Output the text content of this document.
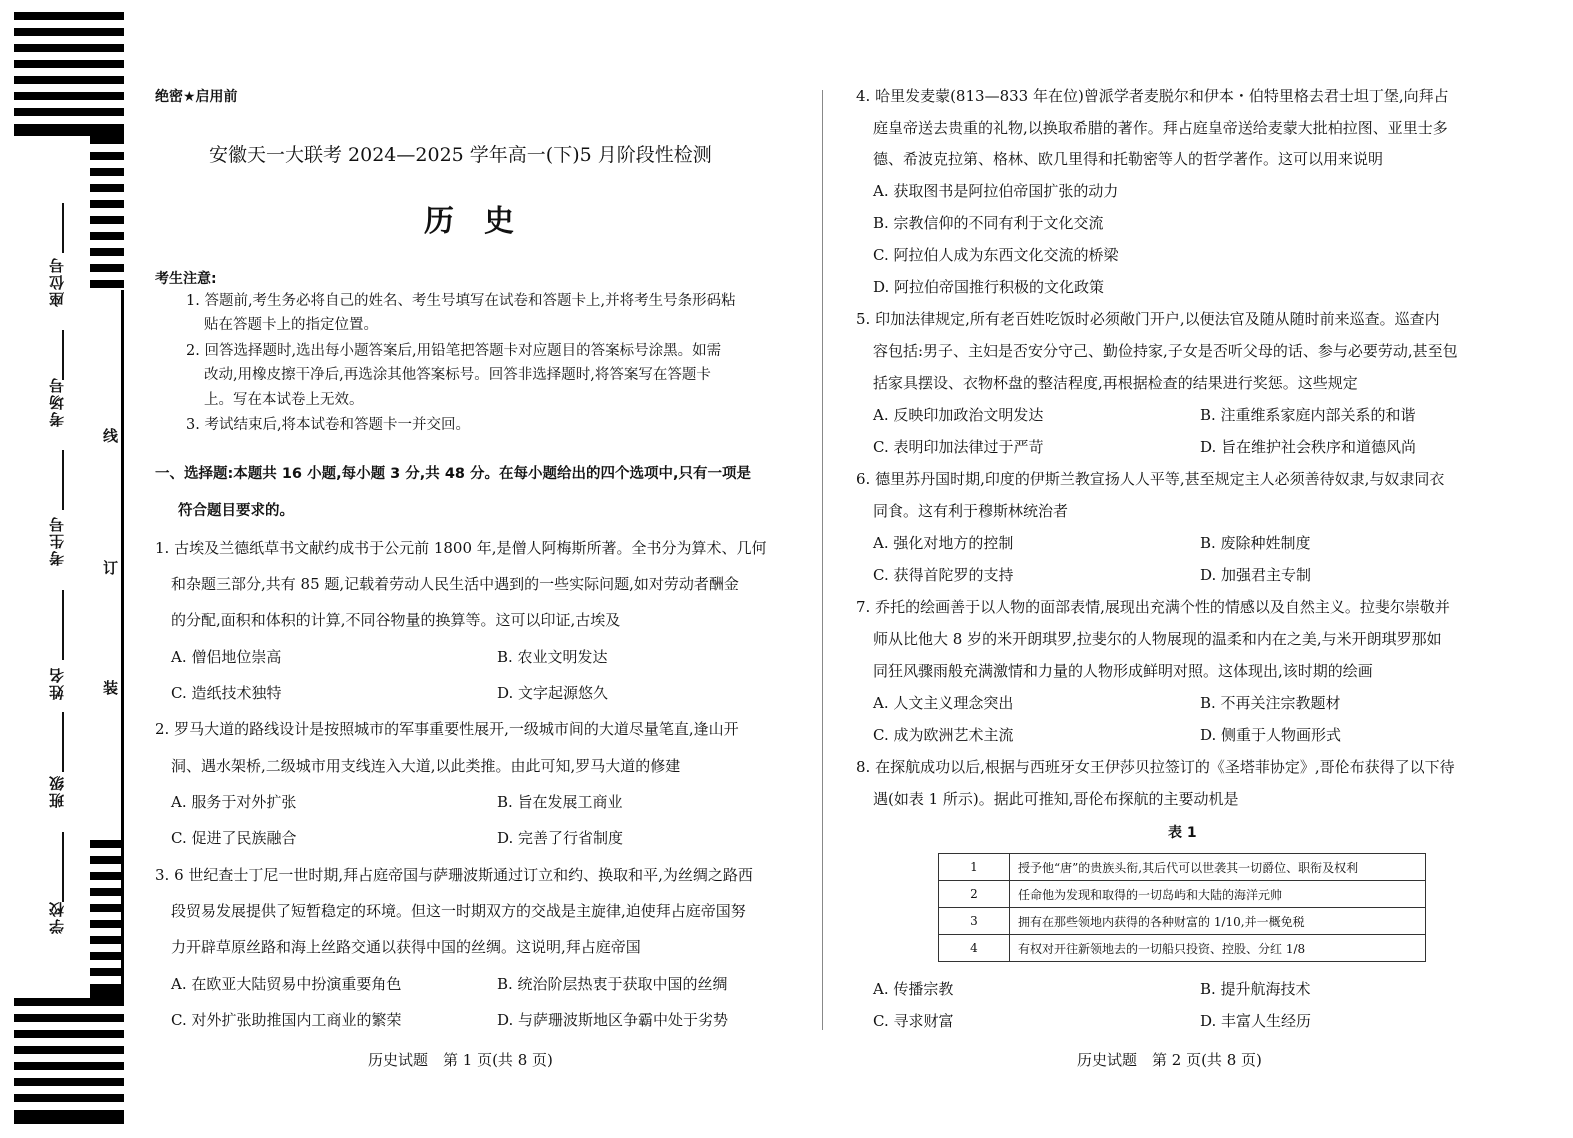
座位号
考场号
考生号
姓名
班级
学校
线
订
装
绝密★启用前
安徽天一大联考 2024—2025 学年高一(下)5 月阶段性检测
历　史
考生注意:
1. 答题前,考生务必将自己的姓名、考生号填写在试卷和答题卡上,并将考生号条形码粘
贴在答题卡上的指定位置。
2. 回答选择题时,选出每小题答案后,用铅笔把答题卡对应题目的答案标号涂黑。如需
改动,用橡皮擦干净后,再选涂其他答案标号。回答非选择题时,将答案写在答题卡
上。写在本试卷上无效。
3. 考试结束后,将本试卷和答题卡一并交回。
一、选择题:本题共 16 小题,每小题 3 分,共 48 分。在每小题给出的四个选项中,只有一项是
符合题目要求的。
1. 古埃及兰德纸草书文献约成书于公元前 1800 年,是僧人阿梅斯所著。全书分为算术、几何
和杂题三部分,共有 85 题,记载着劳动人民生活中遇到的一些实际问题,如对劳动者酬金
的分配,面积和体积的计算,不同谷物量的换算等。这可以印证,古埃及
A. 僧侣地位崇高	B. 农业文明发达
C. 造纸技术独特	D. 文字起源悠久
2. 罗马大道的路线设计是按照城市的军事重要性展开,一级城市间的大道尽量笔直,逢山开
洞、遇水架桥,二级城市用支线连入大道,以此类推。由此可知,罗马大道的修建
A. 服务于对外扩张	B. 旨在发展工商业
C. 促进了民族融合	D. 完善了行省制度
3. 6 世纪查士丁尼一世时期,拜占庭帝国与萨珊波斯通过订立和约、换取和平,为丝绸之路西
段贸易发展提供了短暂稳定的环境。但这一时期双方的交战是主旋律,迫使拜占庭帝国努
力开辟草原丝路和海上丝路交通以获得中国的丝绸。这说明,拜占庭帝国
A. 在欧亚大陆贸易中扮演重要角色	B. 统治阶层热衷于获取中国的丝绸
C. 对外扩张助推国内工商业的繁荣	D. 与萨珊波斯地区争霸中处于劣势
历史试题　第 1 页(共 8 页)
4. 哈里发麦蒙(813—833 年在位)曾派学者麦脱尔和伊本・伯特里格去君士坦丁堡,向拜占
庭皇帝送去贵重的礼物,以换取希腊的著作。拜占庭皇帝送给麦蒙大批柏拉图、亚里士多
德、希波克拉第、格林、欧几里得和托勒密等人的哲学著作。这可以用来说明
A. 获取图书是阿拉伯帝国扩张的动力
B. 宗教信仰的不同有利于文化交流
C. 阿拉伯人成为东西文化交流的桥梁
D. 阿拉伯帝国推行积极的文化政策
5. 印加法律规定,所有老百姓吃饭时必须敞门开户,以便法官及随从随时前来巡查。巡查内
容包括:男子、主妇是否安分守己、勤俭持家,子女是否听父母的话、参与必要劳动,甚至包
括家具摆设、衣物杯盘的整洁程度,再根据检查的结果进行奖惩。这些规定
A. 反映印加政治文明发达	B. 注重维系家庭内部关系的和谐
C. 表明印加法律过于严苛	D. 旨在维护社会秩序和道德风尚
6. 德里苏丹国时期,印度的伊斯兰教宣扬人人平等,甚至规定主人必须善待奴隶,与奴隶同衣
同食。这有利于穆斯林统治者
A. 强化对地方的控制	B. 废除种姓制度
C. 获得首陀罗的支持	D. 加强君主专制
7. 乔托的绘画善于以人物的面部表情,展现出充满个性的情感以及自然主义。拉斐尔崇敬并
师从比他大 8 岁的米开朗琪罗,拉斐尔的人物展现的温柔和内在之美,与米开朗琪罗那如
同狂风骤雨般充满激情和力量的人物形成鲜明对照。这体现出,该时期的绘画
A. 人文主义理念突出	B. 不再关注宗教题材
C. 成为欧洲艺术主流	D. 侧重于人物画形式
8. 在探航成功以后,根据与西班牙女王伊莎贝拉签订的《圣塔菲协定》,哥伦布获得了以下待
遇(如表 1 所示)。据此可推知,哥伦布探航的主要动机是
表 1
1	授予他“唐”的贵族头衔,其后代可以世袭其一切爵位、职衔及权利
2	任命他为发现和取得的一切岛屿和大陆的海洋元帅
3	拥有在那些领地内获得的各种财富的 1/10,并一概免税
4	有权对开往新领地去的一切船只投资、控股、分红 1/8
A. 传播宗教	B. 提升航海技术
C. 寻求财富	D. 丰富人生经历
历史试题　第 2 页(共 8 页)
